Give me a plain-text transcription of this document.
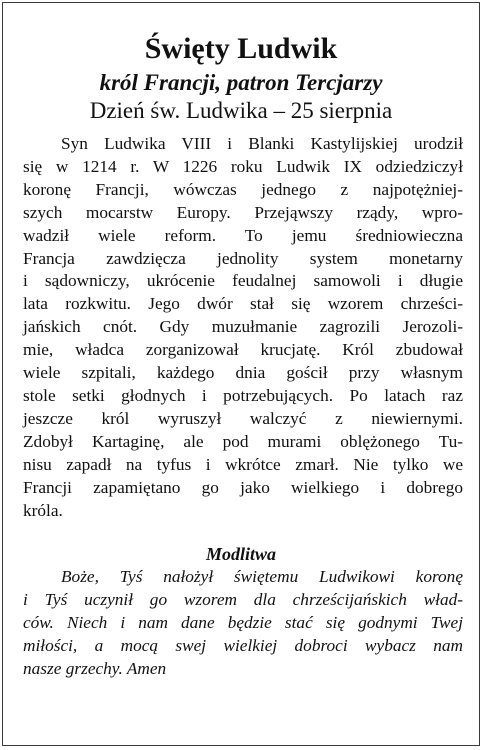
Święty Ludwik
król Francji, patron Tercjarzy
Dzień św. Ludwika – 25 sierpnia
Syn Ludwika VIII i Blanki Kastylijskiej urodził
się w 1214 r. W 1226 roku Ludwik IX odziedziczył
koronę Francji, wówczas jednego z najpotężniej-
szych mocarstw Europy. Przejąwszy rządy, wpro-
wadził wiele reform. To jemu średniowieczna
Francja zawdzięcza jednolity system monetarny
i sądowniczy, ukrócenie feudalnej samowoli i długie
lata rozkwitu. Jego dwór stał się wzorem chrześci-
jańskich cnót. Gdy muzułmanie zagrozili Jerozoli-
mie, władca zorganizował krucjatę. Król zbudował
wiele szpitali, każdego dnia gościł przy własnym
stole setki głodnych i potrzebujących. Po latach raz
jeszcze król wyruszył walczyć z niewiernymi.
Zdobył Kartaginę, ale pod murami oblężonego Tu-
nisu zapadł na tyfus i wkrótce zmarł. Nie tylko we
Francji zapamiętano go jako wielkiego i dobrego
króla.
Modlitwa
Boże, Tyś nałożył świętemu Ludwikowi koronę
i Tyś uczynił go wzorem dla chrześcijańskich wład-
ców. Niech i nam dane będzie stać się godnymi Twej
miłości, a mocą swej wielkiej dobroci wybacz nam
nasze grzechy. Amen
